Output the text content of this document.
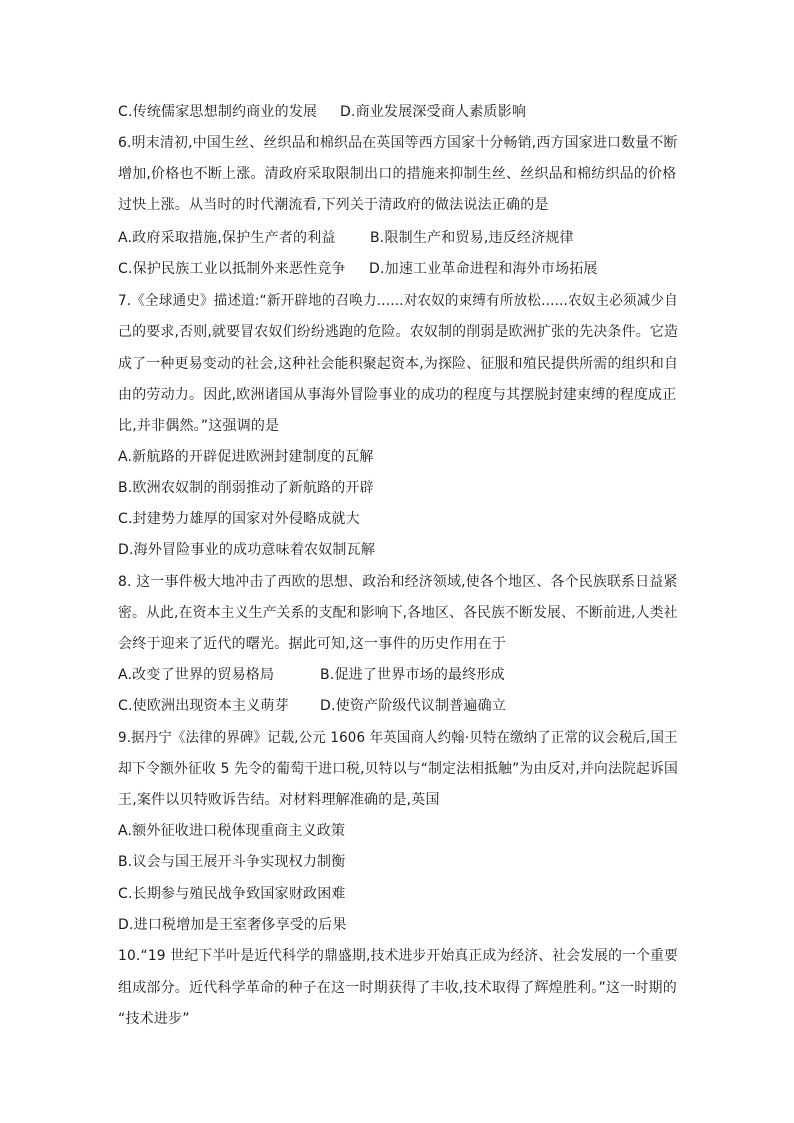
C.传统儒家思想制约商业的发展 D.商业发展深受商人素质影响
6.明末清初,中国生丝、丝织品和棉织品在英国等西方国家十分畅销,西方国家进口数量不断
增加,价格也不断上涨。清政府采取限制出口的措施来抑制生丝、丝织品和棉纺织品的价格
过快上涨。从当时的时代潮流看,下列关于清政府的做法说法正确的是
A.政府采取措施,保护生产者的利益 B.限制生产和贸易,违反经济规律
C.保护民族工业以抵制外来恶性竞争 D.加速工业革命进程和海外市场拓展
7.《全球通史》描述道:“新开辟地的召唤力......对农奴的束缚有所放松......农奴主必须减少自
己的要求,否则,就要冒农奴们纷纷逃跑的危险。农奴制的削弱是欧洲扩张的先决条件。它造
成了一种更易变动的社会,这种社会能积聚起资本,为探险、征服和殖民提供所需的组织和自
由的劳动力。因此,欧洲诸国从事海外冒险事业的成功的程度与其摆脱封建束缚的程度成正
比,并非偶然。”这强调的是
A.新航路的开辟促进欧洲封建制度的瓦解
B.欧洲农奴制的削弱推动了新航路的开辟
C.封建势力雄厚的国家对外侵略成就大
D.海外冒险事业的成功意味着农奴制瓦解
8. 这一事件极大地冲击了西欧的思想、政治和经济领域,使各个地区、各个民族联系日益紧
密。从此,在资本主义生产关系的支配和影响下,各地区、各民族不断发展、不断前进,人类社
会终于迎来了近代的曙光。据此可知,这一事件的历史作用在于
A.改变了世界的贸易格局	B.促进了世界市场的最终形成
C.使欧洲出现资本主义萌芽 D.使资产阶级代议制普遍确立
9.据丹宁《法律的界碑》记载,公元 1606 年英国商人约翰·贝特在缴纳了正常的议会税后,国王
却下令额外征收 5 先令的葡萄干进口税,贝特以与“制定法相抵触”为由反对,并向法院起诉国
王,案件以贝特败诉告结。对材料理解准确的是,英国
A.额外征收进口税体现重商主义政策
B.议会与国王展开斗争实现权力制衡
C.长期参与殖民战争致国家财政困难
D.进口税增加是王室奢侈享受的后果
10.“19 世纪下半叶是近代科学的鼎盛期,技术进步开始真正成为经济、社会发展的一个重要
组成部分。近代科学革命的种子在这一时期获得了丰收,技术取得了辉煌胜利。”这一时期的
“技术进步”
